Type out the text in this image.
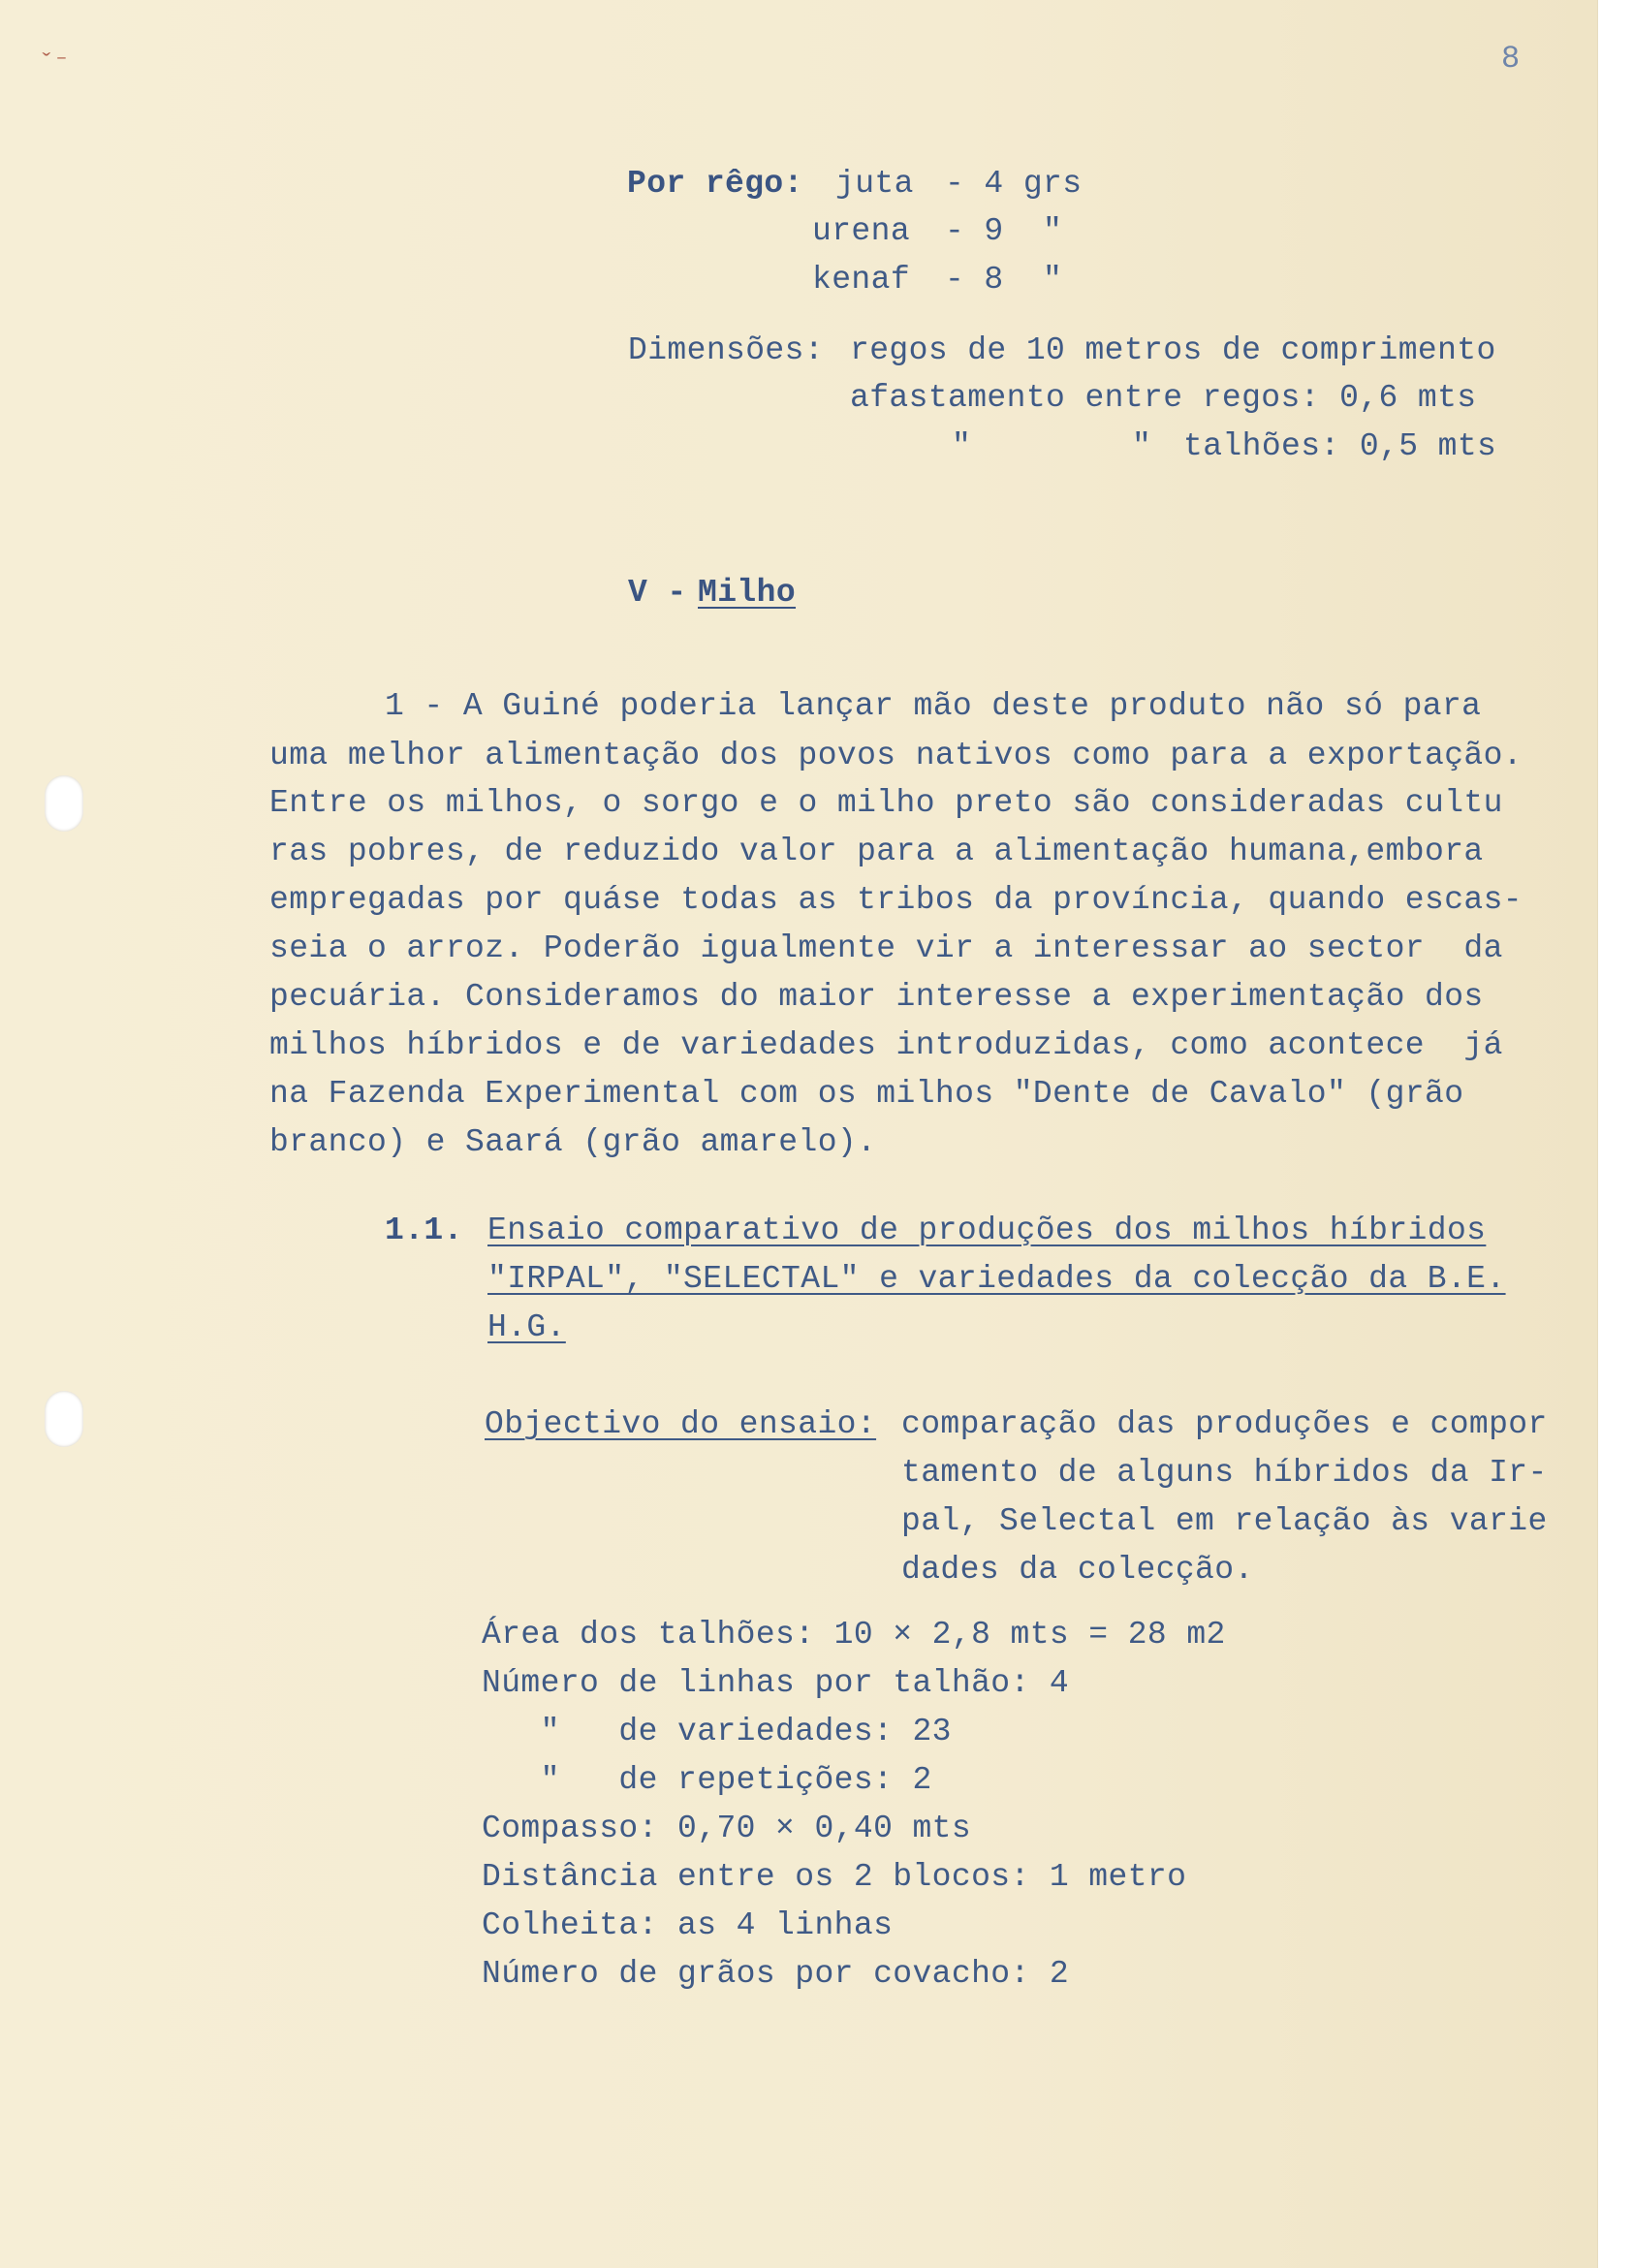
ˇ⁻	8
Por rêgo: juta - 4 grs
urena - 9  "
kenaf - 8  "
Dimensões: regos de 10 metros de comprimento
afastamento entre regos: 0,6 mts
"	" talhões: 0,5 mts
V - Milho
1 - A Guiné poderia lançar mão deste produto não só para
uma melhor alimentação dos povos nativos como para a exportação.
Entre os milhos, o sorgo e o milho preto são consideradas cultu
ras pobres, de reduzido valor para a alimentação humana,embora
empregadas por quáse todas as tribos da província, quando escas-
seia o arroz. Poderão igualmente vir a interessar ao sector  da
pecuária. Consideramos do maior interesse a experimentação dos
milhos híbridos e de variedades introduzidas, como acontece  já
na Fazenda Experimental com os milhos "Dente de Cavalo" (grão
branco) e Saará (grão amarelo).
1.1. Ensaio comparativo de produções dos milhos híbridos
"IRPAL", "SELECTAL" e variedades da colecção da B.E.
H.G.
Objectivo do ensaio: comparação das produções e compor
tamento de alguns híbridos da Ir-
pal, Selectal em relação às varie
dades da colecção.
Área dos talhões: 10 × 2,8 mts = 28 m2
Número de linhas por talhão: 4
"   de variedades: 23
"   de repetições: 2
Compasso: 0,70 × 0,40 mts
Distância entre os 2 blocos: 1 metro
Colheita: as 4 linhas
Número de grãos por covacho: 2
